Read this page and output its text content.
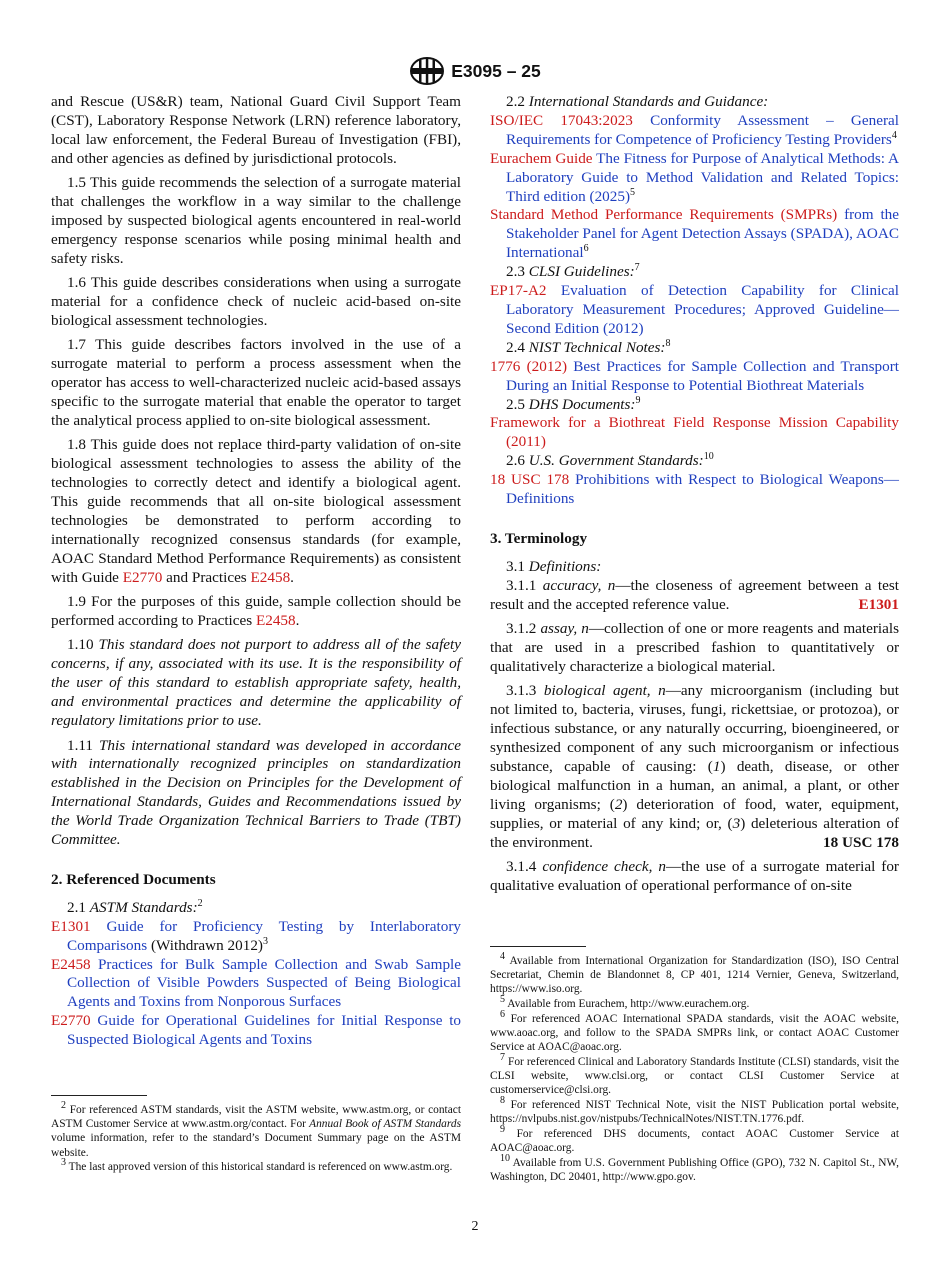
E3095 – 25

and Rescue (US&R) team, National Guard Civil Support Team (CST), Laboratory Response Network (LRN) reference laboratory, local law enforcement, the Federal Bureau of Investigation (FBI), and other agencies as defined by jurisdictional protocols.

1.5 This guide recommends the selection of a surrogate material that challenges the workflow in a way similar to the challenge imposed by suspected biological agents encountered in real-world emergency response scenarios while posing minimal health and safety risks.

1.6 This guide describes considerations when using a surrogate material for a confidence check of nucleic acid-based on-site biological assessment technologies.

1.7 This guide describes factors involved in the use of a surrogate material to perform a process assessment when the operator has access to well-characterized nucleic acid-based assays specific to the surrogate material that enable the operator to target the analytical process applied to on-site biological assessment.

1.8 This guide does not replace third-party validation of on-site biological assessment technologies to assess the ability of the technologies to correctly detect and identify a biological agent. This guide recommends that all on-site biological assessment technologies be demonstrated to perform according to internationally recognized consensus standards (for example, AOAC Standard Method Performance Requirements) as consistent with Guide E2770 and Practices E2458.

1.9 For the purposes of this guide, sample collection should be performed according to Practices E2458.

1.10 This standard does not purport to address all of the safety concerns, if any, associated with its use. It is the responsibility of the user of this standard to establish appropriate safety, health, and environmental practices and determine the applicability of regulatory limitations prior to use.

1.11 This international standard was developed in accordance with internationally recognized principles on standardization established in the Decision on Principles for the Development of International Standards, Guides and Recommendations issued by the World Trade Organization Technical Barriers to Trade (TBT) Committee.

2. Referenced Documents

2.1 ASTM Standards:$^2$

E1301 Guide for Proficiency Testing by Interlaboratory Comparisons (Withdrawn 2012)$^3$

E2458 Practices for Bulk Sample Collection and Swab Sample Collection of Visible Powders Suspected of Being Biological Agents and Toxins from Nonporous Surfaces

E2770 Guide for Operational Guidelines for Initial Response to Suspected Biological Agents and Toxins

2.2 International Standards and Guidance:

ISO/IEC 17043:2023 Conformity Assessment – General Requirements for Competence of Proficiency Testing Providers$^4$

Eurachem Guide The Fitness for Purpose of Analytical Methods: A Laboratory Guide to Method Validation and Related Topics: Third edition $(2025)^5$

Standard Method Performance Requirements (SMPRs) from the Stakeholder Panel for Agent Detection Assays (SPADA), AOAC International$^6$

2.3 CLSI Guidelines:$^7$

EP17-A2 Evaluation of Detection Capability for Clinical Laboratory Measurement Procedures; Approved Guideline—Second Edition (2012)

2.4 NIST Technical Notes:$^8$

1776 (2012) Best Practices for Sample Collection and Transport During an Initial Response to Potential Biothreat Materials

2.5 DHS Documents:$^9$

Framework for a Biothreat Field Response Mission Capability (2011)

2.6 U.S. Government Standards:$^{10}$

18 USC 178 Prohibitions with Respect to Biological Weapons—Definitions

3. Terminology

3.1 Definitions:

3.1.1 accuracy, n—the closeness of agreement between a test result and the accepted reference value.	E1301

3.1.2 assay, n—collection of one or more reagents and materials that are used in a prescribed fashion to quantitatively or qualitatively characterize a biological material.

3.1.3 biological agent, n—any microorganism (including but not limited to, bacteria, viruses, fungi, rickettsiae, or protozoa), or infectious substance, or any naturally occurring, bioengineered, or synthesized component of any such microorganism or infectious substance, capable of causing: (1) death, disease, or other biological malfunction in a human, an animal, a plant, or other living organisms; (2) deterioration of food, water, equipment, supplies, or material of any kind; or, (3) deleterious alteration of the environment.	18 USC 178

3.1.4 confidence check, n—the use of a surrogate material for qualitative evaluation of operational performance of on-site

$^2$ For referenced ASTM standards, visit the ASTM website, www.astm.org, or contact ASTM Customer Service at www.astm.org/contact. For Annual Book of ASTM Standards volume information, refer to the standard’s Document Summary page on the ASTM website.

$^3$ The last approved version of this historical standard is referenced on www.astm.org.

$^4$ Available from International Organization for Standardization (ISO), ISO Central Secretariat, Chemin de Blandonnet 8, CP 401, 1214 Vernier, Geneva, Switzerland, https://www.iso.org.

$^5$ Available from Eurachem, http://www.eurachem.org.

$^6$ For referenced AOAC International SPADA standards, visit the AOAC website, www.aoac.org, and follow to the SPADA SMPRs link, or contact AOAC Customer Service at AOAC@aoac.org.

$^7$ For referenced Clinical and Laboratory Standards Institute (CLSI) standards, visit the CLSI website, www.clsi.org, or contact CLSI Customer Service at customerservice@clsi.org.

$^8$ For referenced NIST Technical Note, visit the NIST Publication portal website, https://nvlpubs.nist.gov/nistpubs/TechnicalNotes/NIST.TN.1776.pdf.

$^9$ For referenced DHS documents, contact AOAC Customer Service at AOAC@aoac.org.

$^{10}$ Available from U.S. Government Publishing Office (GPO), 732 N. Capitol St., NW, Washington, DC 20401, http://www.gpo.gov.

2
